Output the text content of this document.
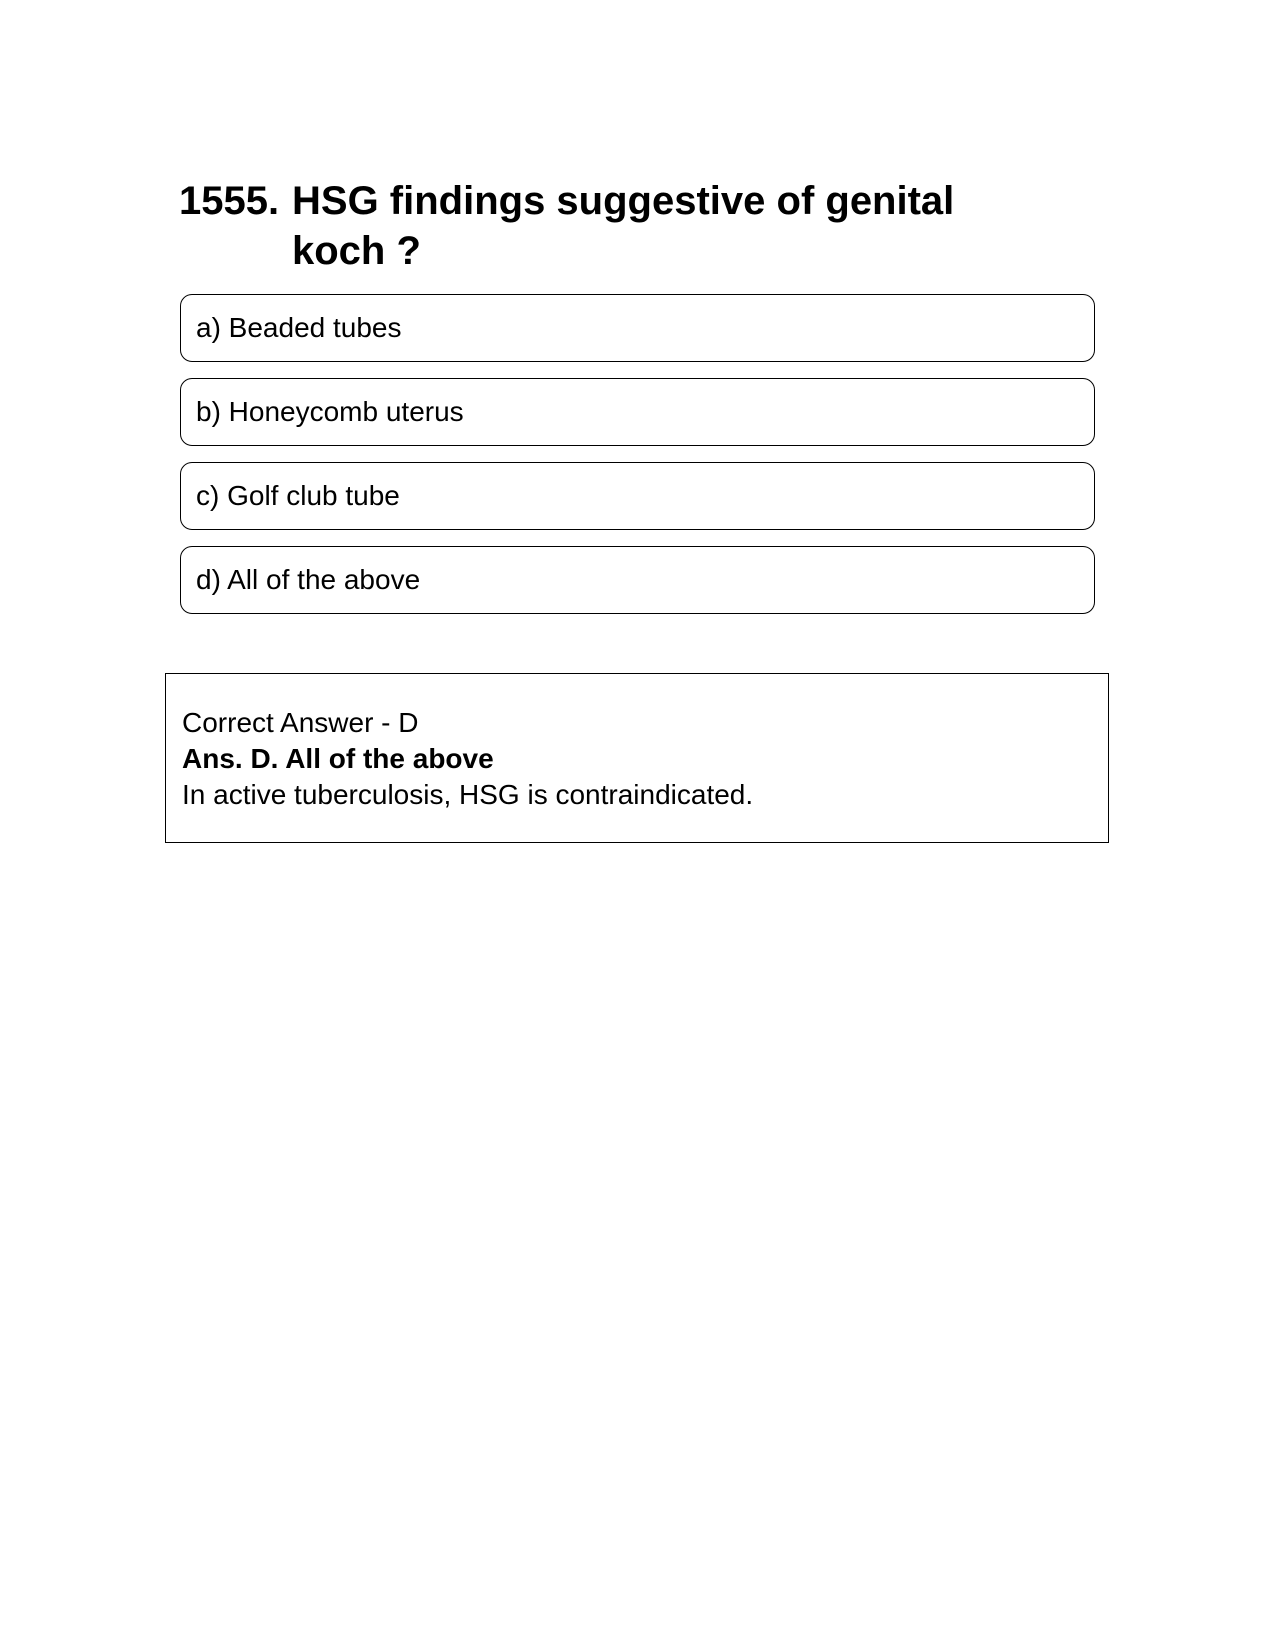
1555. HSG findings suggestive of genital koch ?
a) Beaded tubes
b) Honeycomb uterus
c) Golf club tube
d) All of the above
Correct Answer - D
Ans. D. All of the above
In active tuberculosis, HSG is contraindicated.
